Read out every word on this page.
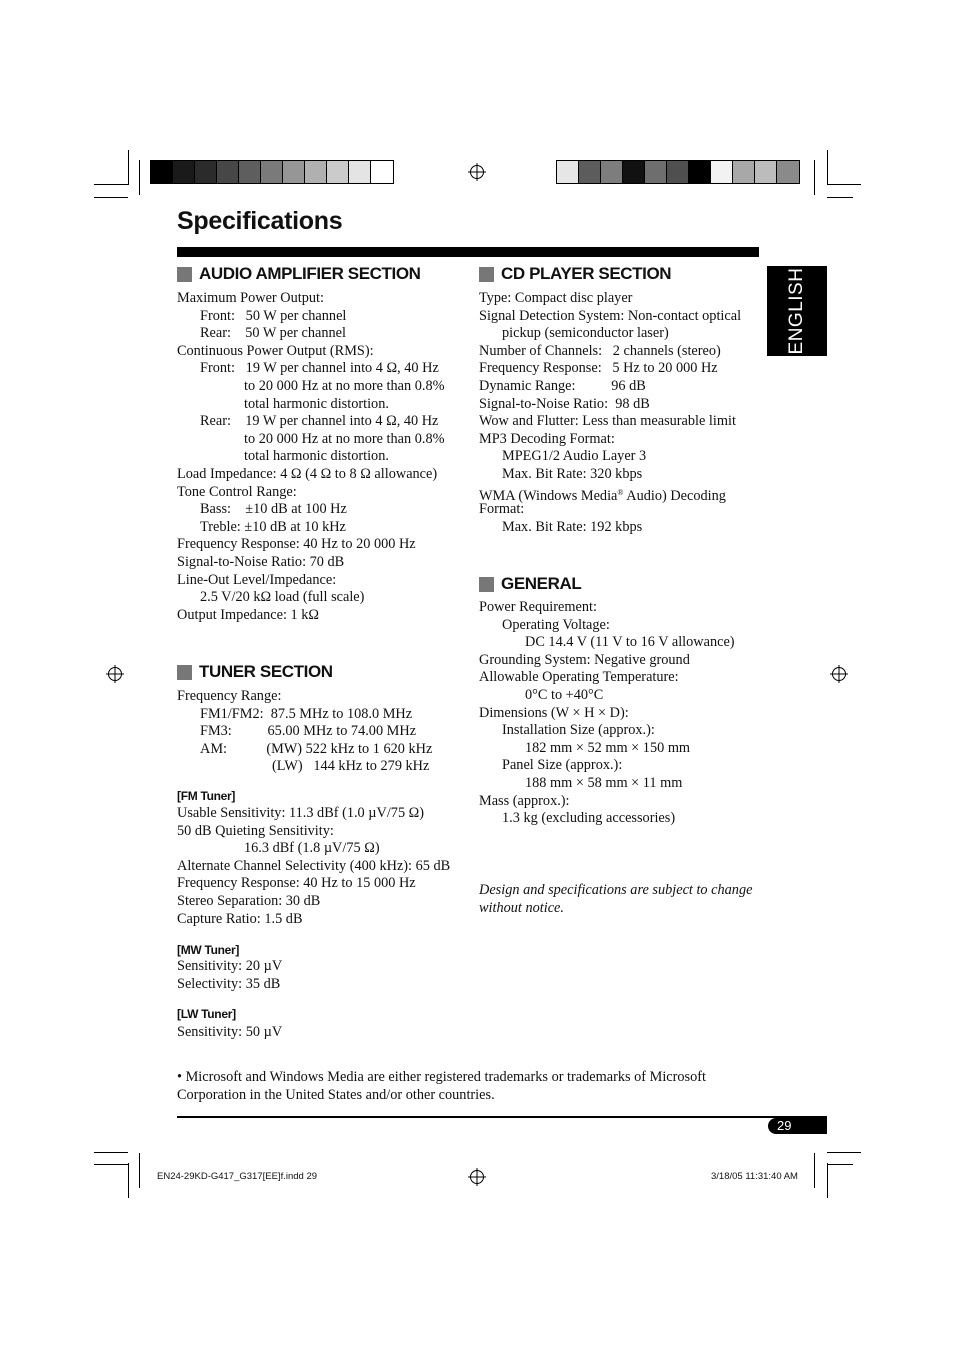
Specifications
ENGLISH
AUDIO AMPLIFIER SECTION
Maximum Power Output:
Front:   50 W per channel
Rear:    50 W per channel
Continuous Power Output (RMS):
Front:   19 W per channel into 4 Ω, 40 Hz
to 20 000 Hz at no more than 0.8%
total harmonic distortion.
Rear:    19 W per channel into 4 Ω, 40 Hz
to 20 000 Hz at no more than 0.8%
total harmonic distortion.
Load Impedance: 4 Ω (4 Ω to 8 Ω allowance)
Tone Control Range:
Bass:    ±10 dB at 100 Hz
Treble: ±10 dB at 10 kHz
Frequency Response: 40 Hz to 20 000 Hz
Signal-to-Noise Ratio: 70 dB
Line-Out Level/Impedance:
2.5 V/20 kΩ load (full scale)
Output Impedance: 1 kΩ
TUNER SECTION
Frequency Range:
FM1/FM2:  87.5 MHz to 108.0 MHz
FM3:          65.00 MHz to 74.00 MHz
AM:           (MW) 522 kHz to 1 620 kHz
(LW)   144 kHz to 279 kHz
[FM Tuner]
Usable Sensitivity: 11.3 dBf (1.0 µV/75 Ω)
50 dB Quieting Sensitivity:
16.3 dBf (1.8 µV/75 Ω)
Alternate Channel Selectivity (400 kHz): 65 dB
Frequency Response: 40 Hz to 15 000 Hz
Stereo Separation: 30 dB
Capture Ratio: 1.5 dB
[MW Tuner]
Sensitivity: 20 µV
Selectivity: 35 dB
[LW Tuner]
Sensitivity: 50 µV
CD PLAYER SECTION
Type: Compact disc player
Signal Detection System: Non-contact optical
pickup (semiconductor laser)
Number of Channels:   2 channels (stereo)
Frequency Response:   5 Hz to 20 000 Hz
Dynamic Range:          96 dB
Signal-to-Noise Ratio:  98 dB
Wow and Flutter: Less than measurable limit
MP3 Decoding Format:
MPEG1/2 Audio Layer 3
Max. Bit Rate: 320 kbps
WMA (Windows Media® Audio) Decoding
Format:
Max. Bit Rate: 192 kbps
GENERAL
Power Requirement:
Operating Voltage:
DC 14.4 V (11 V to 16 V allowance)
Grounding System: Negative ground
Allowable Operating Temperature:
0°C to +40°C
Dimensions (W × H × D):
Installation Size (approx.):
182 mm × 52 mm × 150 mm
Panel Size (approx.):
188 mm × 58 mm × 11 mm
Mass (approx.):
1.3 kg (excluding accessories)
Design and specifications are subject to change without notice.
• Microsoft and Windows Media are either registered trademarks or trademarks of Microsoft Corporation in the United States and/or other countries.
29
EN24-29KD-G417_G317[EE]f.indd 29	3/18/05 11:31:40 AM
